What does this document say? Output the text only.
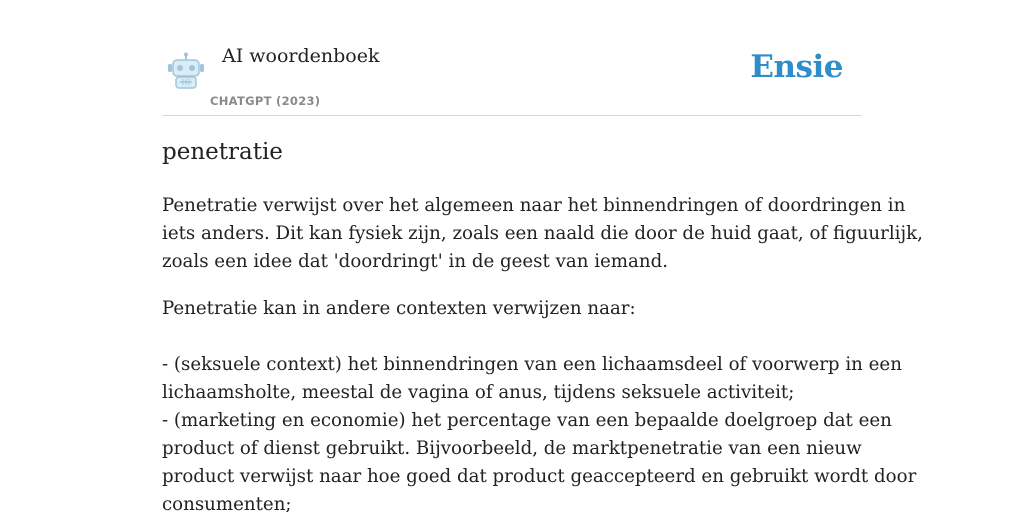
AI woordenboek
CHATGPT (2023)
Ensie
penetratie

Penetratie verwijst over het algemeen naar het binnendringen of doordringen in
iets anders. Dit kan fysiek zijn, zoals een naald die door de huid gaat, of figuurlijk,
zoals een idee dat 'doordringt' in de geest van iemand.

Penetratie kan in andere contexten verwijzen naar:

- (seksuele context) het binnendringen van een lichaamsdeel of voorwerp in een
lichaamsholte, meestal de vagina of anus, tijdens seksuele activiteit;
- (marketing en economie) het percentage van een bepaalde doelgroep dat een
product of dienst gebruikt. Bijvoorbeeld, de marktpenetratie van een nieuw
product verwijst naar hoe goed dat product geaccepteerd en gebruikt wordt door
consumenten;
